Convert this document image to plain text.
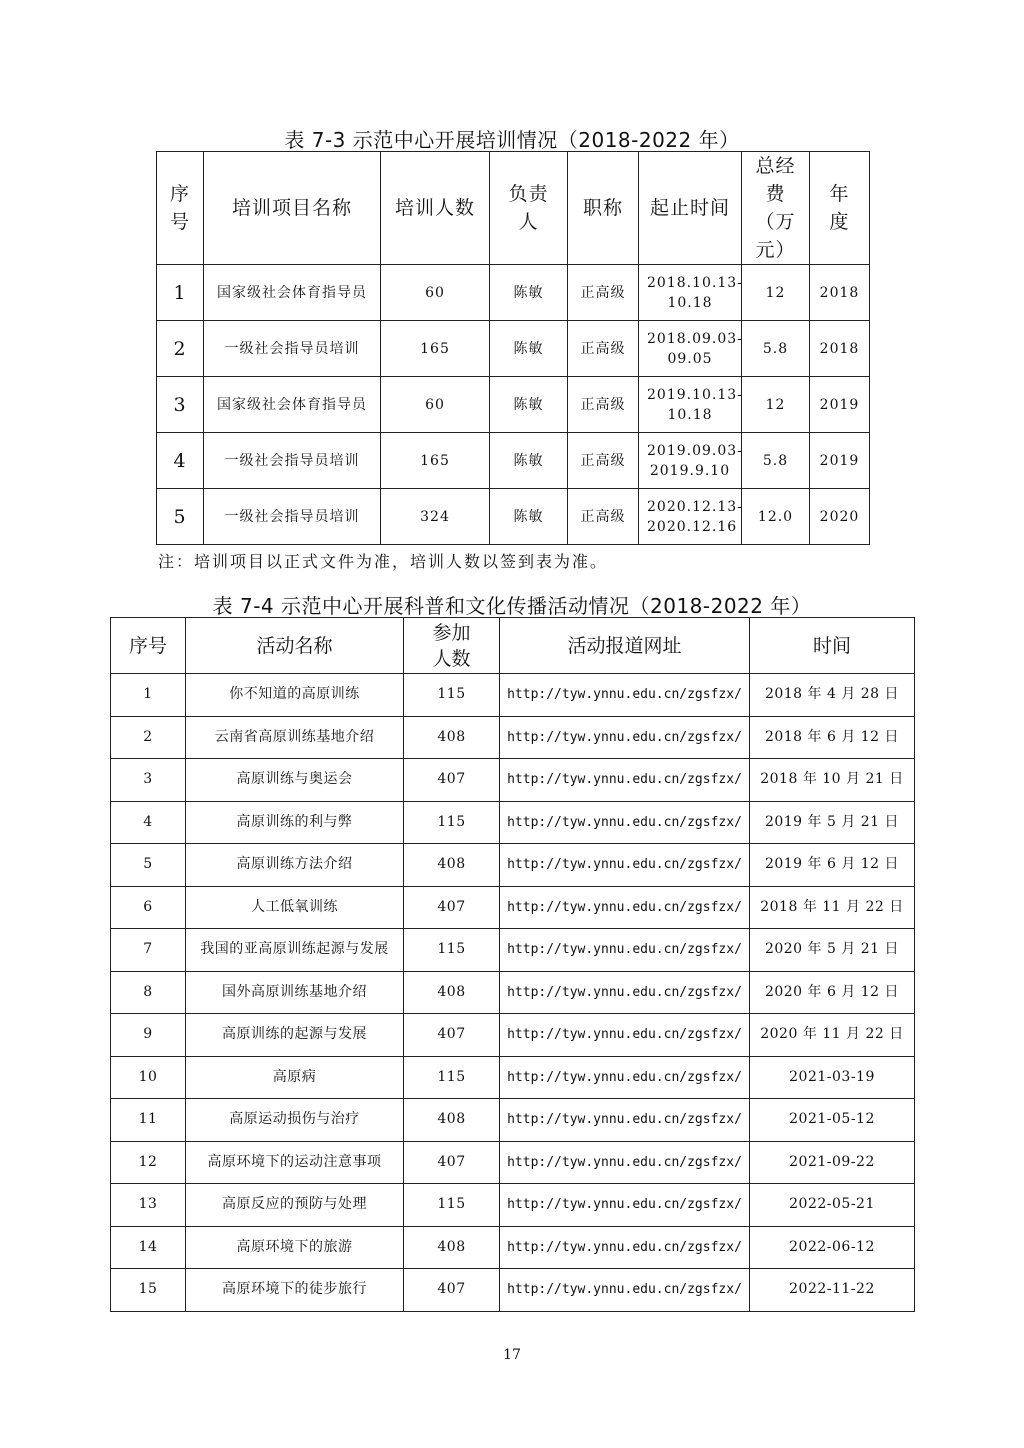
表 7-3 示范中心开展培训情况（2018-2022 年）
序号	培训项目名称	培训人数	负责人	职称	起止时间	总经费（万元）	年度
1	国家级社会体育指导员	60	陈敏	正高级	2018.10.13-10.18	12	2018
2	一级社会指导员培训	165	陈敏	正高级	2018.09.03-09.05	5.8	2018
3	国家级社会体育指导员	60	陈敏	正高级	2019.10.13-10.18	12	2019
4	一级社会指导员培训	165	陈敏	正高级	2019.09.03-2019.9.10	5.8	2019
5	一级社会指导员培训	324	陈敏	正高级	2020.12.13-2020.12.16	12.0	2020
注：培训项目以正式文件为准，培训人数以签到表为准。
表 7-4 示范中心开展科普和文化传播活动情况（2018-2022 年）
序号	活动名称	参加人数	活动报道网址	时间
1	你不知道的高原训练	115	http://tyw.ynnu.edu.cn/zgsfzx/	2018 年 4 月 28 日
2	云南省高原训练基地介绍	408	http://tyw.ynnu.edu.cn/zgsfzx/	2018 年 6 月 12 日
3	高原训练与奥运会	407	http://tyw.ynnu.edu.cn/zgsfzx/	2018 年 10 月 21 日
4	高原训练的利与弊	115	http://tyw.ynnu.edu.cn/zgsfzx/	2019 年 5 月 21 日
5	高原训练方法介绍	408	http://tyw.ynnu.edu.cn/zgsfzx/	2019 年 6 月 12 日
6	人工低氧训练	407	http://tyw.ynnu.edu.cn/zgsfzx/	2018 年 11 月 22 日
7	我国的亚高原训练起源与发展	115	http://tyw.ynnu.edu.cn/zgsfzx/	2020 年 5 月 21 日
8	国外高原训练基地介绍	408	http://tyw.ynnu.edu.cn/zgsfzx/	2020 年 6 月 12 日
9	高原训练的起源与发展	407	http://tyw.ynnu.edu.cn/zgsfzx/	2020 年 11 月 22 日
10	高原病	115	http://tyw.ynnu.edu.cn/zgsfzx/	2021-03-19
11	高原运动损伤与治疗	408	http://tyw.ynnu.edu.cn/zgsfzx/	2021-05-12
12	高原环境下的运动注意事项	407	http://tyw.ynnu.edu.cn/zgsfzx/	2021-09-22
13	高原反应的预防与处理	115	http://tyw.ynnu.edu.cn/zgsfzx/	2022-05-21
14	高原环境下的旅游	408	http://tyw.ynnu.edu.cn/zgsfzx/	2022-06-12
15	高原环境下的徒步旅行	407	http://tyw.ynnu.edu.cn/zgsfzx/	2022-11-22
17
